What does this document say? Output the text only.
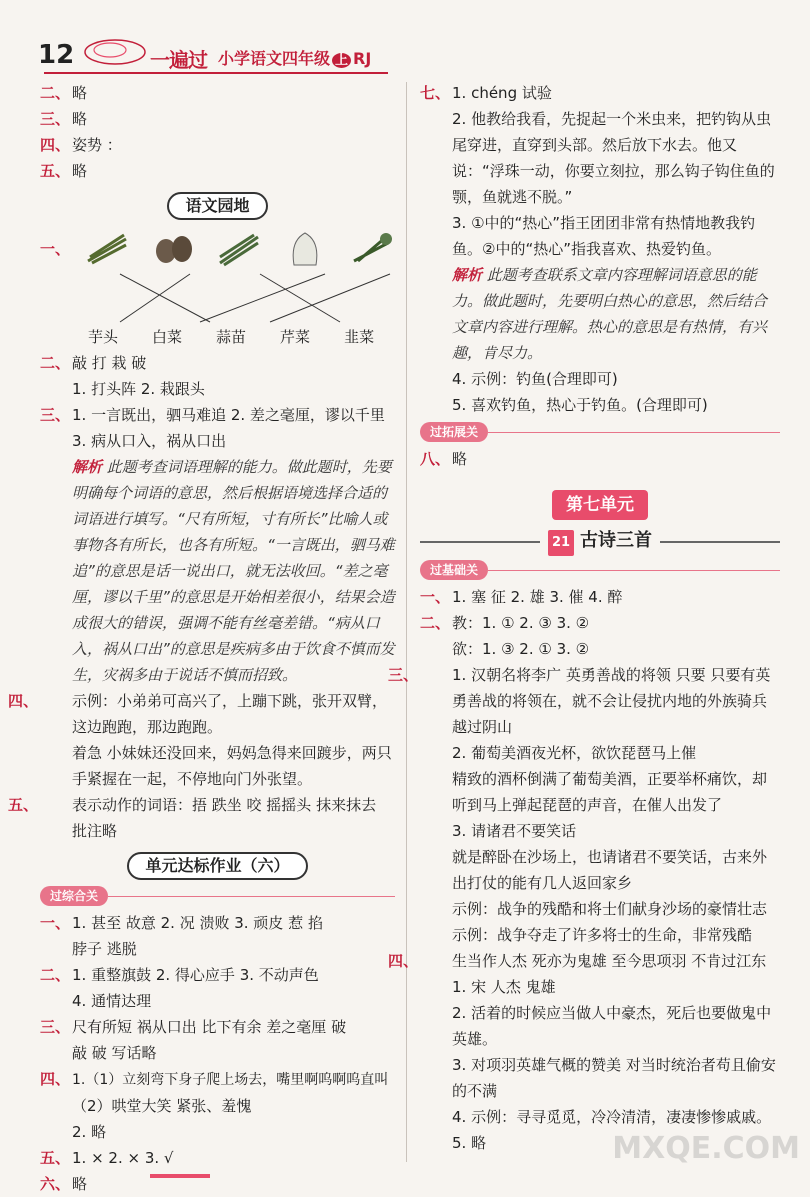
12	一遍过 小学语文四年级 上 RJ
二、 略
三、 略
四、 姿势 ：
五、 略
语文园地
一、
芋头 白菜 蒜苗 芹菜 韭菜
二、 敲 打 栽 破
1. 打头阵 2. 栽跟头
三、 1. 一言既出，驷马难追 2. 差之毫厘，谬以千里
3. 病从口入，祸从口出
解析 此题考查词语理解的能力。做此题时，先要明确每个词语的意思，然后根据语境选择合适的词语进行填写。“尺有所短，寸有所长”比喻人或事物各有所长，也各有所短。“一言既出，驷马难追”的意思是话一说出口，就无法收回。“差之毫厘，谬以千里”的意思是开始相差很小，结果会造成很大的错误，强调不能有丝毫差错。“病从口入，祸从口出”的意思是疾病多由于饮食不慎而发生，灾祸多由于说话不慎而招致。
四、 示例：小弟弟可高兴了，上蹦下跳，张开双臂，这边跑跑，那边跑跑。
着急 小妹妹还没回来，妈妈急得来回踱步，两只手紧握在一起，不停地向门外张望。
五、 表示动作的词语：捂 跌坐 咬 摇摇头 抹来抹去
批注略
单元达标作业（六）
过综合关
一、 1. 甚至 故意 2. 况 溃败 3. 顽皮 惹 掐
脖子 逃脱
二、 1. 重整旗鼓 2. 得心应手 3. 不动声色
4. 通情达理
三、 尺有所短 祸从口出 比下有余 差之毫厘 破
敲 破 写话略
四、 1.（1）立刻弯下身子爬上场去，嘴里啊呜啊呜直叫
（2）哄堂大笑 紧张、羞愧
2. 略
五、 1. × 2. × 3. √
六、 略
七、 1. chéng 试验
2. 他教给我看，先捉起一个米虫来，把钓钩从虫尾穿进，直穿到头部。然后放下水去。他又说：“浮珠一动，你要立刻拉，那么钩子钩住鱼的颚，鱼就逃不脱。”
3. ①中的“热心”指王团团非常有热情地教我钓鱼。②中的“热心”指我喜欢、热爱钓鱼。
解析 此题考查联系文章内容理解词语意思的能力。做此题时，先要明白热心的意思，然后结合文章内容进行理解。热心的意思是有热情，有兴趣，肯尽力。
4. 示例：钓鱼(合理即可)
5. 喜欢钓鱼，热心于钓鱼。(合理即可)
过拓展关
八、 略
第七单元
21 古诗三首
过基础关
一、 1. 塞 征 2. 雄 3. 催 4. 醉
二、 教：1. ① 2. ③ 3. ②
欲：1. ③ 2. ① 3. ②
三、 1. 汉朝名将李广 英勇善战的将领 只要 只要有英勇善战的将领在，就不会让侵扰内地的外族骑兵越过阴山
2. 葡萄美酒夜光杯，欲饮琵琶马上催
精致的酒杯倒满了葡萄美酒，正要举杯痛饮，却听到马上弹起琵琶的声音，在催人出发了
3. 请诸君不要笑话
就是醉卧在沙场上，也请诸君不要笑话，古来外出打仗的能有几人返回家乡
示例：战争的残酷和将士们献身沙场的豪情壮志
示例：战争夺走了许多将士的生命，非常残酷
四、 生当作人杰 死亦为鬼雄 至今思项羽 不肯过江东
1. 宋 人杰 鬼雄
2. 活着的时候应当做人中豪杰，死后也要做鬼中英雄。
3. 对项羽英雄气概的赞美 对当时统治者苟且偷安的不满
4. 示例：寻寻觅觅，冷冷清清，凄凄惨惨戚戚。
5. 略	MXQE.COM
